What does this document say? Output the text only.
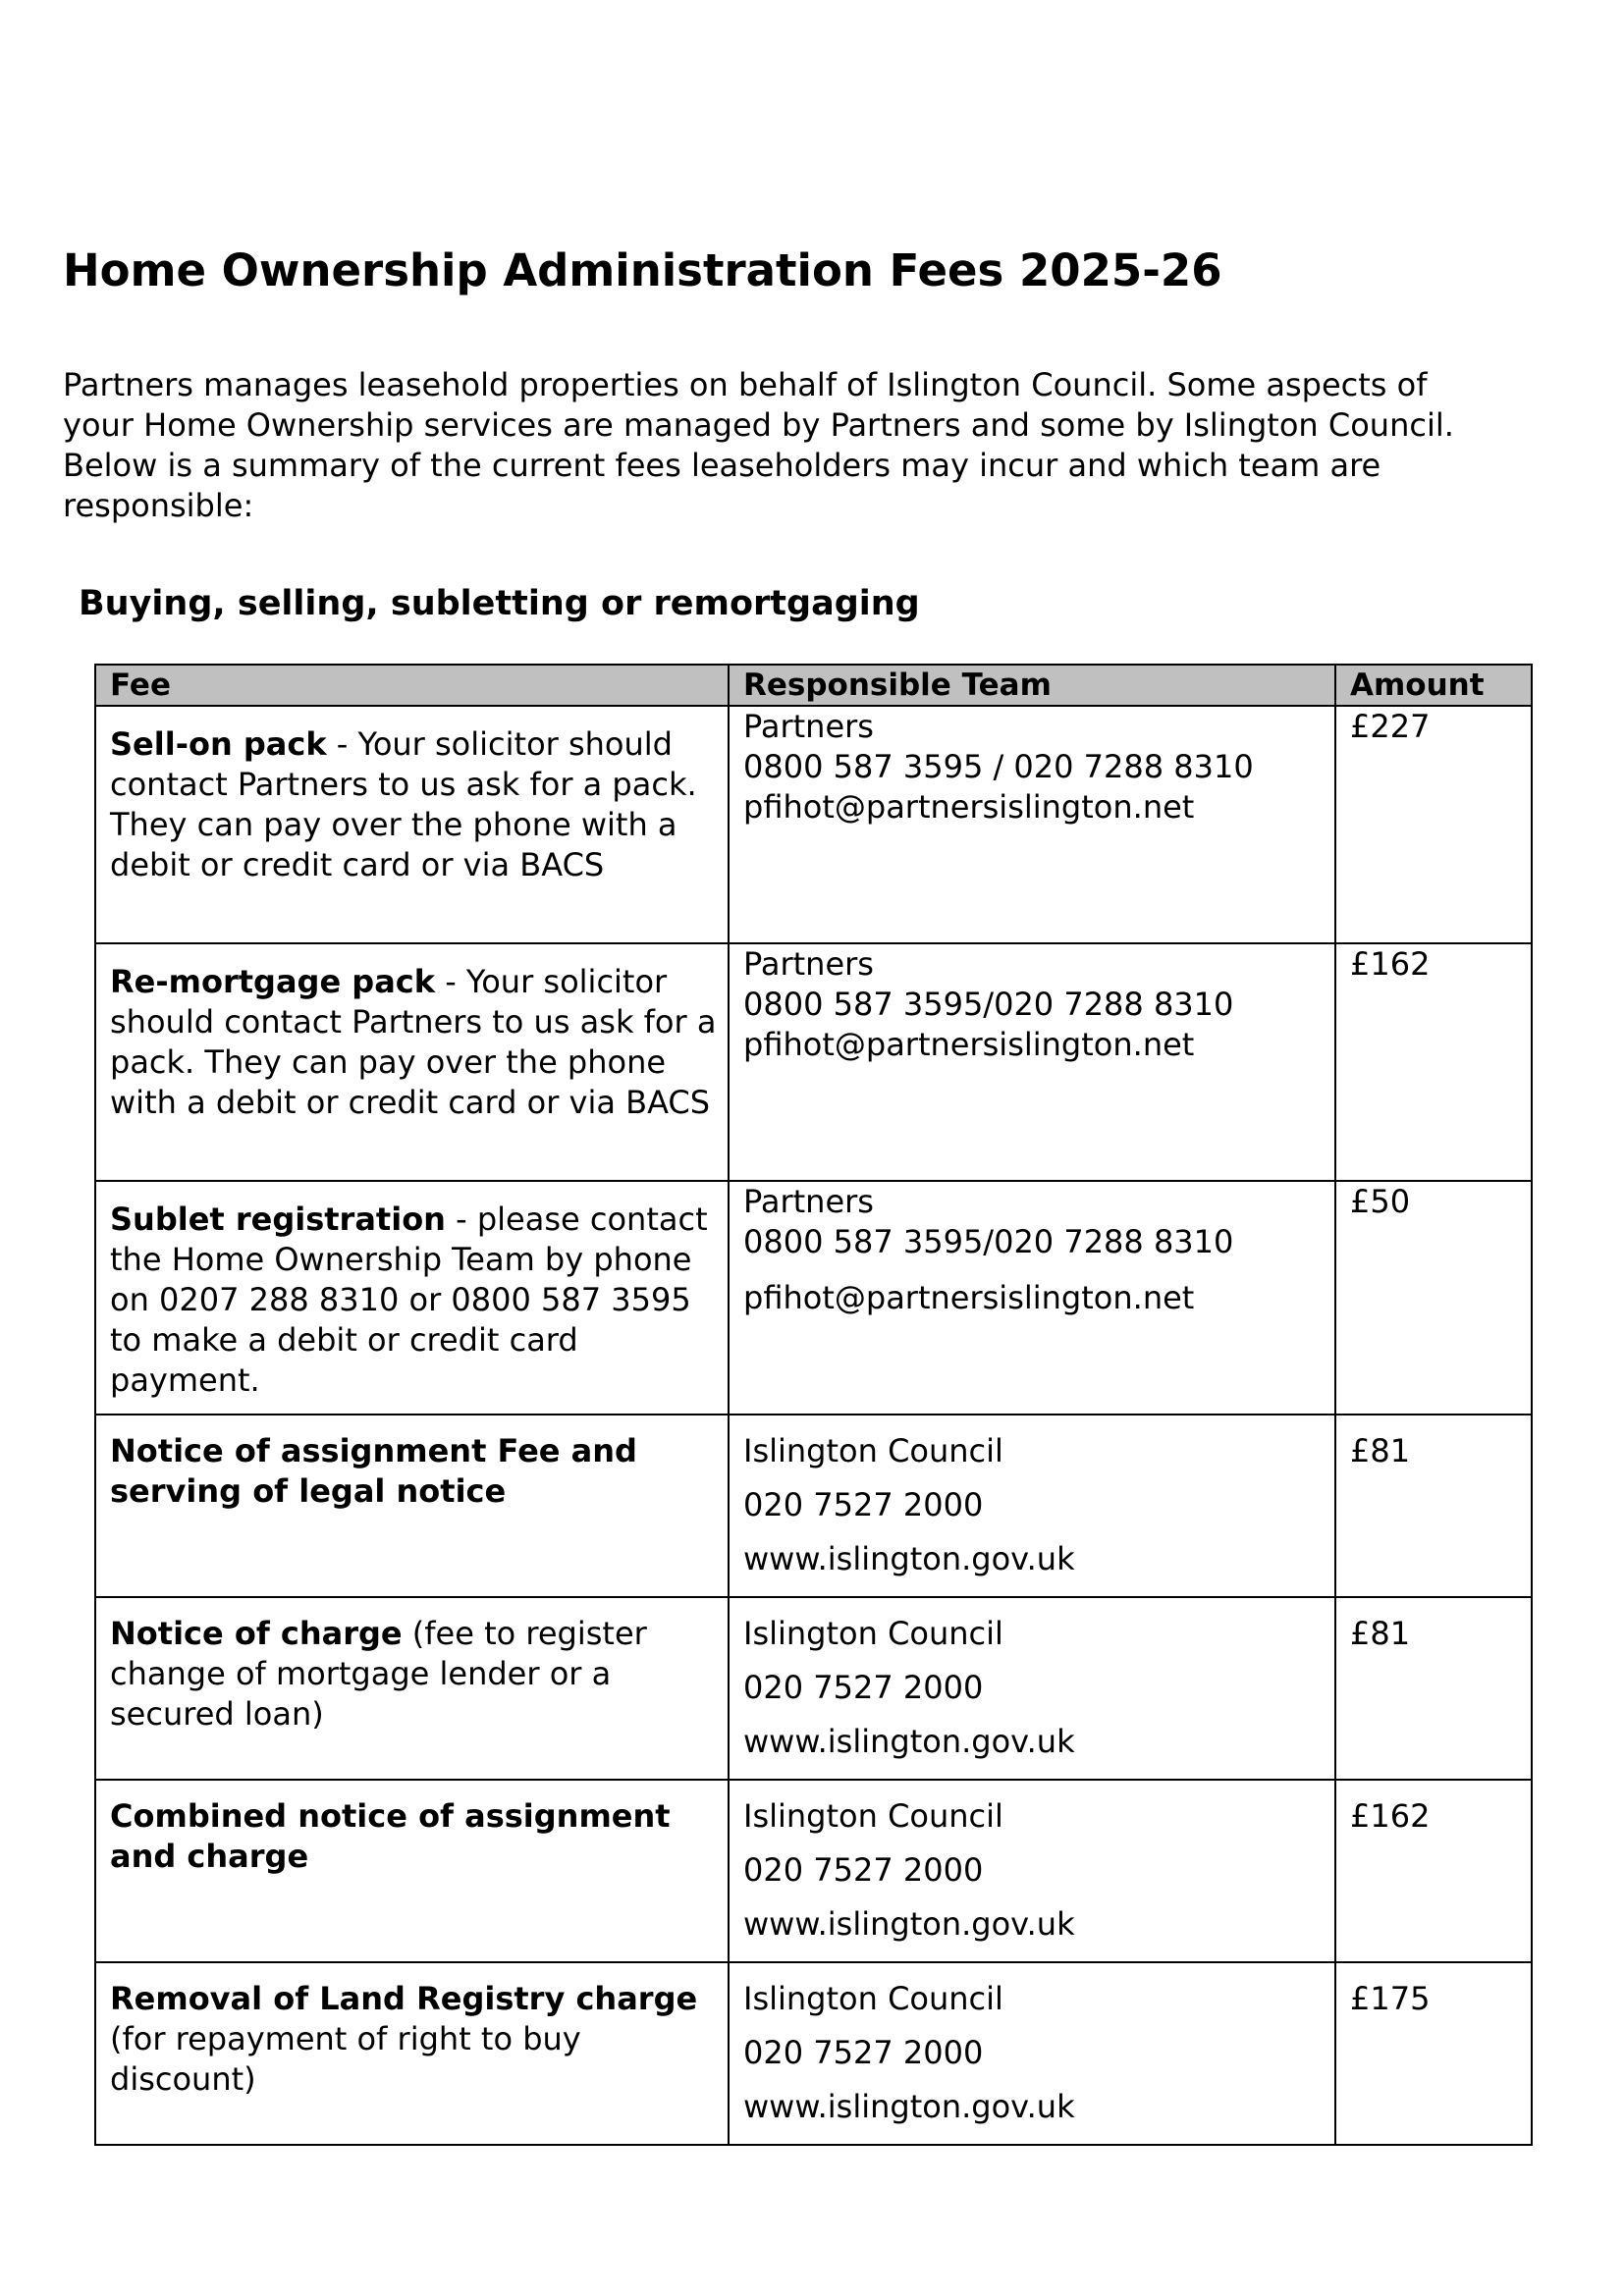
Home Ownership Administration Fees 2025-26
Partners manages leasehold properties on behalf of Islington Council. Some aspects of
your Home Ownership services are managed by Partners and some by Islington Council.
Below is a summary of the current fees leaseholders may incur and which team are
responsible:
Buying, selling, subletting or remortgaging
Fee	Responsible Team	Amount
Sell-on pack - Your solicitor should contact Partners to us ask for a pack. They can pay over the phone with a debit or credit card or via BACS	Partners
0800 587 3595 / 020 7288 8310
pfihot@partnersislington.net	£227

Re-mortgage pack - Your solicitor should contact Partners to us ask for a pack. They can pay over the phone with a debit or credit card or via BACS	Partners
0800 587 3595/020 7288 8310
pfihot@partnersislington.net	£162

Sublet registration - please contact the Home Ownership Team by phone on 0207 288 8310 or 0800 587 3595 to make a debit or credit card payment.	Partners
0800 587 3595/020 7288 8310
pfihot@partnersislington.net	£50

Notice of assignment Fee and serving of legal notice	Islington Council
020 7527 2000
www.islington.gov.uk	£81

Notice of charge (fee to register change of mortgage lender or a secured loan)	Islington Council
020 7527 2000
www.islington.gov.uk	£81

Combined notice of assignment and charge	Islington Council
020 7527 2000
www.islington.gov.uk	£162

Removal of Land Registry charge (for repayment of right to buy discount)	Islington Council
020 7527 2000
www.islington.gov.uk	£175
